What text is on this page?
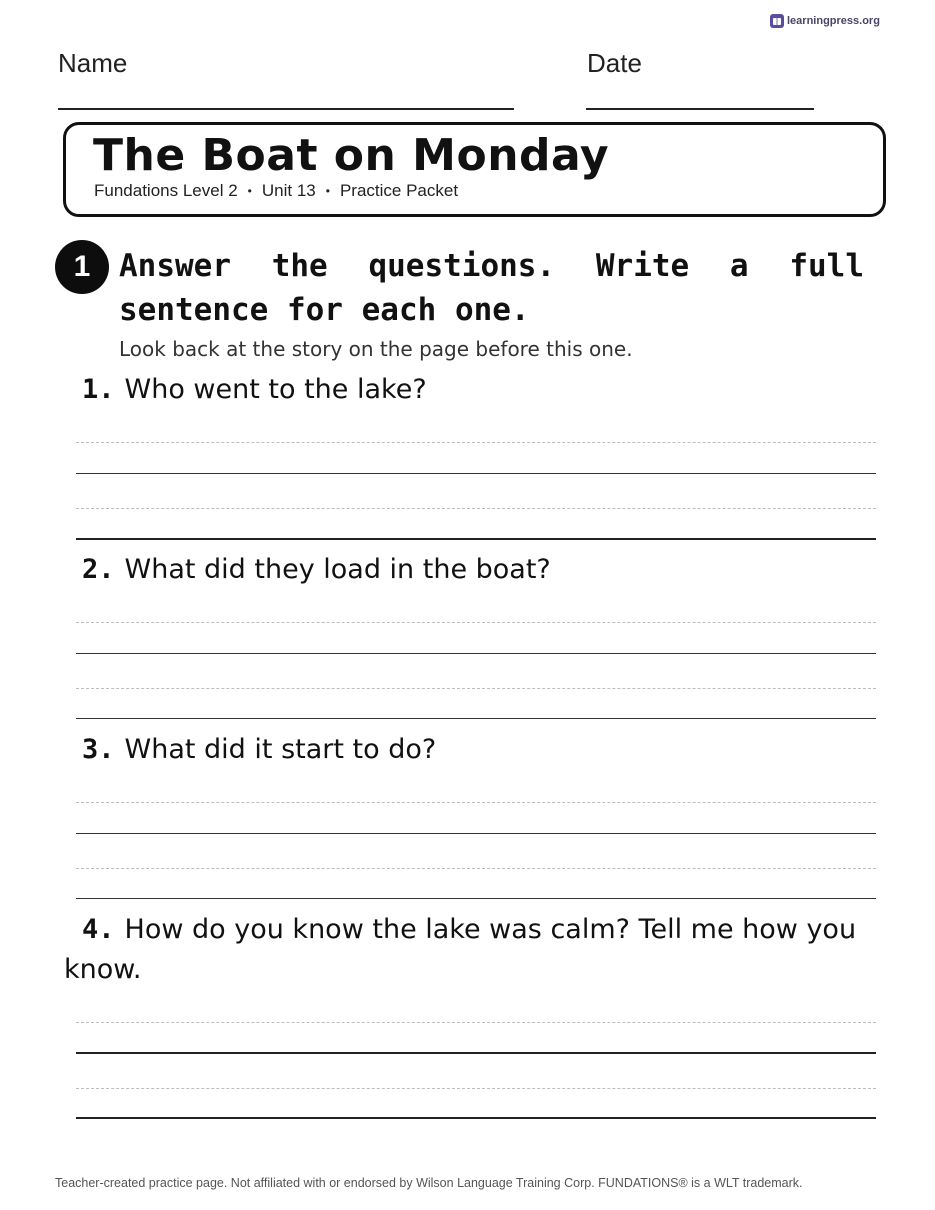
learningpress.org
Name	Date
The Boat on Monday
Fundations Level 2 • Unit 13 • Practice Packet
1 Answer the questions. Write a full sentence for each one.
Look back at the story on the page before this one.
1. Who went to the lake?
2. What did they load in the boat?
3. What did it start to do?
4. How do you know the lake was calm? Tell me how you know.
Teacher-created practice page. Not affiliated with or endorsed by Wilson Language Training Corp. FUNDATIONS® is a WLT trademark.
